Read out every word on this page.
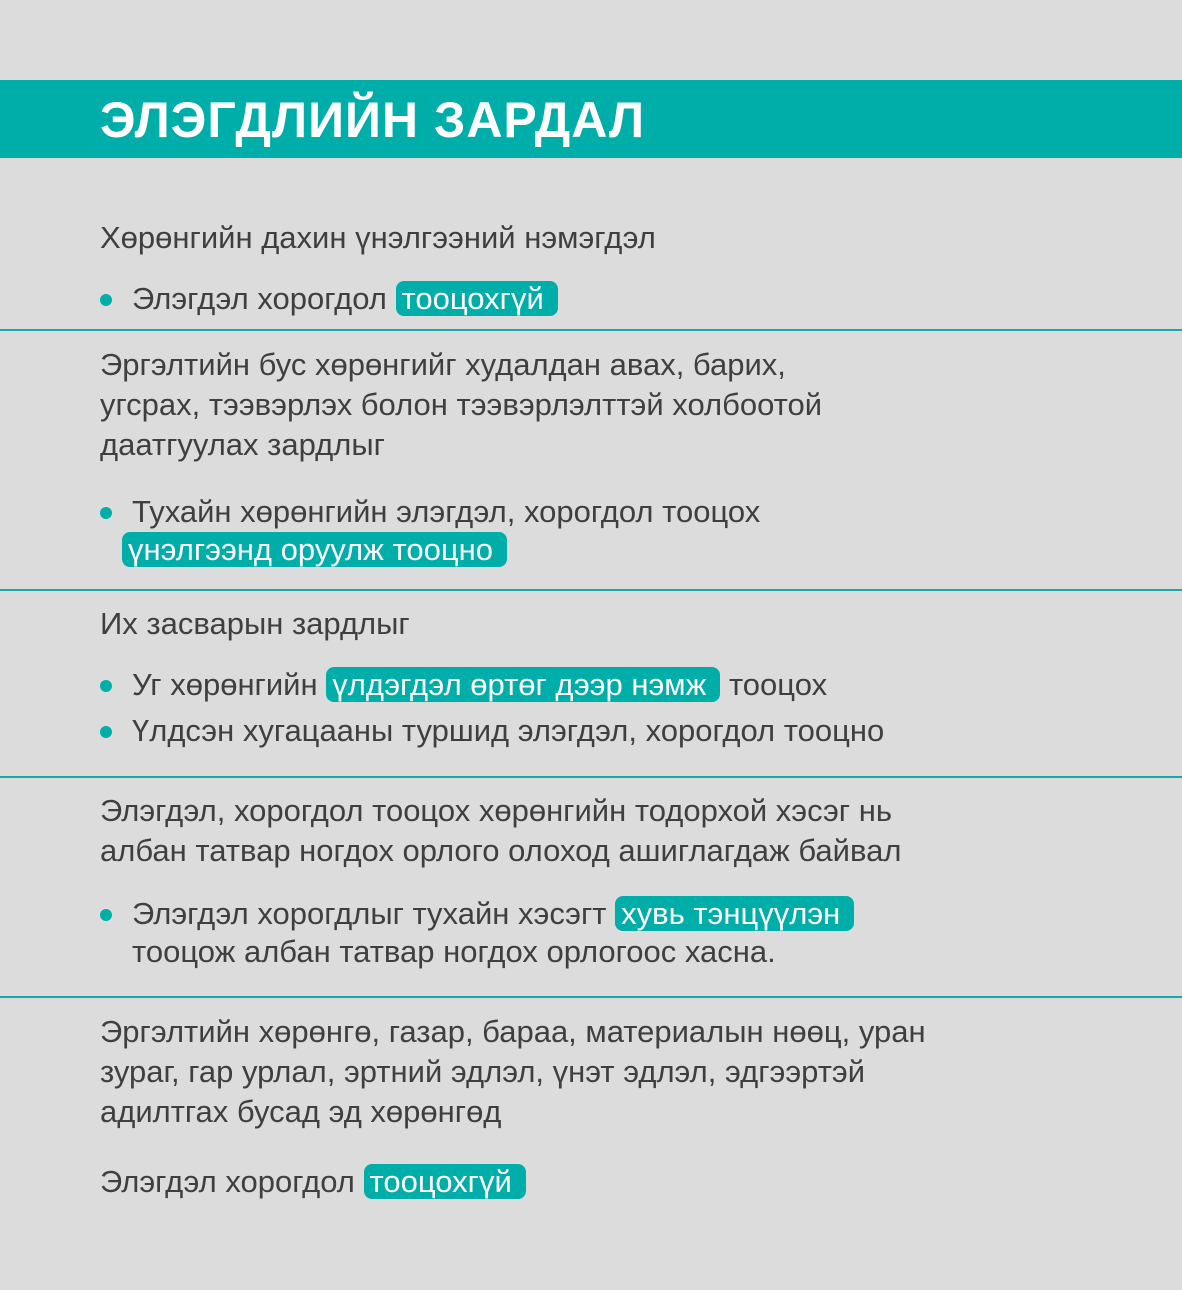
ЭЛЭГДЛИЙН ЗАРДАЛ

Хөрөнгийн дахин үнэлгээний нэмэгдэл

Элэгдэл хорогдол тооцохгүй

Эргэлтийн бус хөрөнгийг худалдан авах, барих,
угсрах, тээвэрлэх болон тээвэрлэлттэй холбоотой
даатгуулах зардлыг

Тухайн хөрөнгийн элэгдэл, хорогдол тооцох
үнэлгээнд оруулж тооцно

Их засварын зардлыг

Уг хөрөнгийн үлдэгдэл өртөг дээр нэмж тооцох
Үлдсэн хугацааны туршид элэгдэл, хорогдол тооцно

Элэгдэл, хорогдол тооцох хөрөнгийн тодорхой хэсэг нь
албан татвар ногдох орлого олоход ашиглагдаж байвал

Элэгдэл хорогдлыг тухайн хэсэгт хувь тэнцүүлэн
тооцож албан татвар ногдох орлогоос хасна.

Эргэлтийн хөрөнгө, газар, бараа, материалын нөөц, уран
зураг, гар урлал, эртний эдлэл, үнэт эдлэл, эдгээртэй
адилтгах бусад эд хөрөнгөд

Элэгдэл хорогдол тооцохгүй
